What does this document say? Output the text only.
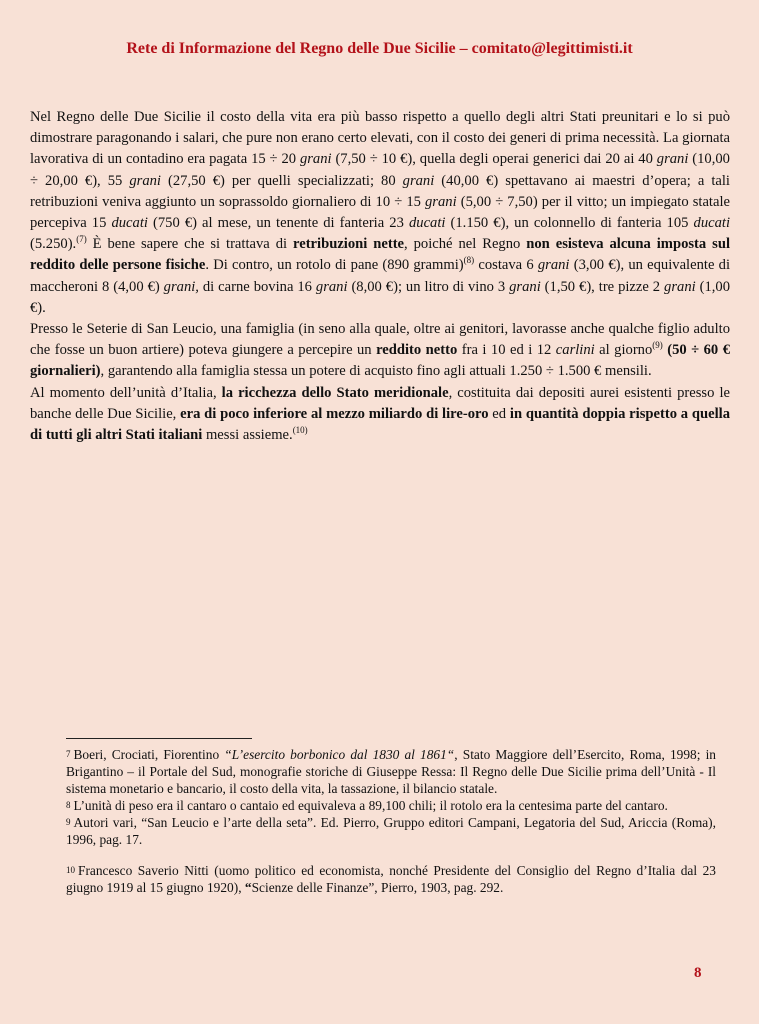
Rete di Informazione del Regno delle Due Sicilie – comitato@legittimisti.it

Nel Regno delle Due Sicilie il costo della vita era più basso rispetto a quello degli altri Stati preunitari e lo si può dimostrare paragonando i salari, che pure non erano certo elevati, con il costo dei generi di prima necessità. La giornata lavorativa di un contadino era pagata 15 ÷ 20 grani (7,50 ÷ 10 €), quella degli operai generici dai 20 ai 40 grani (10,00 ÷ 20,00 €), 55 grani (27,50 €) per quelli specializzati; 80 grani (40,00 €) spettavano ai maestri d’opera; a tali retribuzioni veniva aggiunto un soprassoldo giornaliero di 10 ÷ 15 grani (5,00 ÷ 7,50) per il vitto; un impiegato statale percepiva 15 ducati (750 €) al mese, un tenente di fanteria 23 ducati (1.150 €), un colonnello di fanteria 105 ducati (5.250).$^{(7)}$ È bene sapere che si trattava di retribuzioni nette, poiché nel Regno non esisteva alcuna imposta sul reddito delle persone fisiche. Di contro, un rotolo di pane (890 grammi)$^{(8)}$ costava 6 grani (3,00 €), un equivalente di maccheroni 8 (4,00 €) grani, di carne bovina 16 grani (8,00 €); un litro di vino 3 grani (1,50 €), tre pizze 2 grani (1,00 €).

Presso le Seterie di San Leucio, una famiglia (in seno alla quale, oltre ai genitori, lavorasse anche qualche figlio adulto che fosse un buon artiere) poteva giungere a percepire un reddito netto fra i 10 ed i 12 carlini al giorno$^{(9)}$ (50 ÷ 60 € giornalieri), garantendo alla famiglia stessa un potere di acquisto fino agli attuali 1.250 ÷ 1.500 € mensili.

Al momento dell’unità d’Italia, la ricchezza dello Stato meridionale, costituita dai depositi aurei esistenti presso le banche delle Due Sicilie, era di poco inferiore al mezzo miliardo di lire-oro ed in quantità doppia rispetto a quella di tutti gli altri Stati italiani messi assieme.$^{(10)}$

$^7$ Boeri, Crociati, Fiorentino “L’esercito borbonico dal 1830 al 1861“, Stato Maggiore dell’Esercito, Roma, 1998; in Brigantino – il Portale del Sud, monografie storiche di Giuseppe Ressa: Il Regno delle Due Sicilie prima dell’Unità - Il sistema monetario e bancario, il costo della vita, la tassazione, il bilancio statale.

$^8$ L’unità di peso era il cantaro o cantaio ed equivaleva a 89,100 chili; il rotolo era la centesima parte del cantaro.

$^9$ Autori vari, “San Leucio e l’arte della seta”. Ed. Pierro, Gruppo editori Campani, Legatoria del Sud, Ariccia (Roma), 1996, pag. 17.

$^{10}$ Francesco Saverio Nitti (uomo politico ed economista, nonché Presidente del Consiglio del Regno d’Italia dal 23 giugno 1919 al 15 giugno 1920), “Scienze delle Finanze”, Pierro, 1903, pag. 292.

8
